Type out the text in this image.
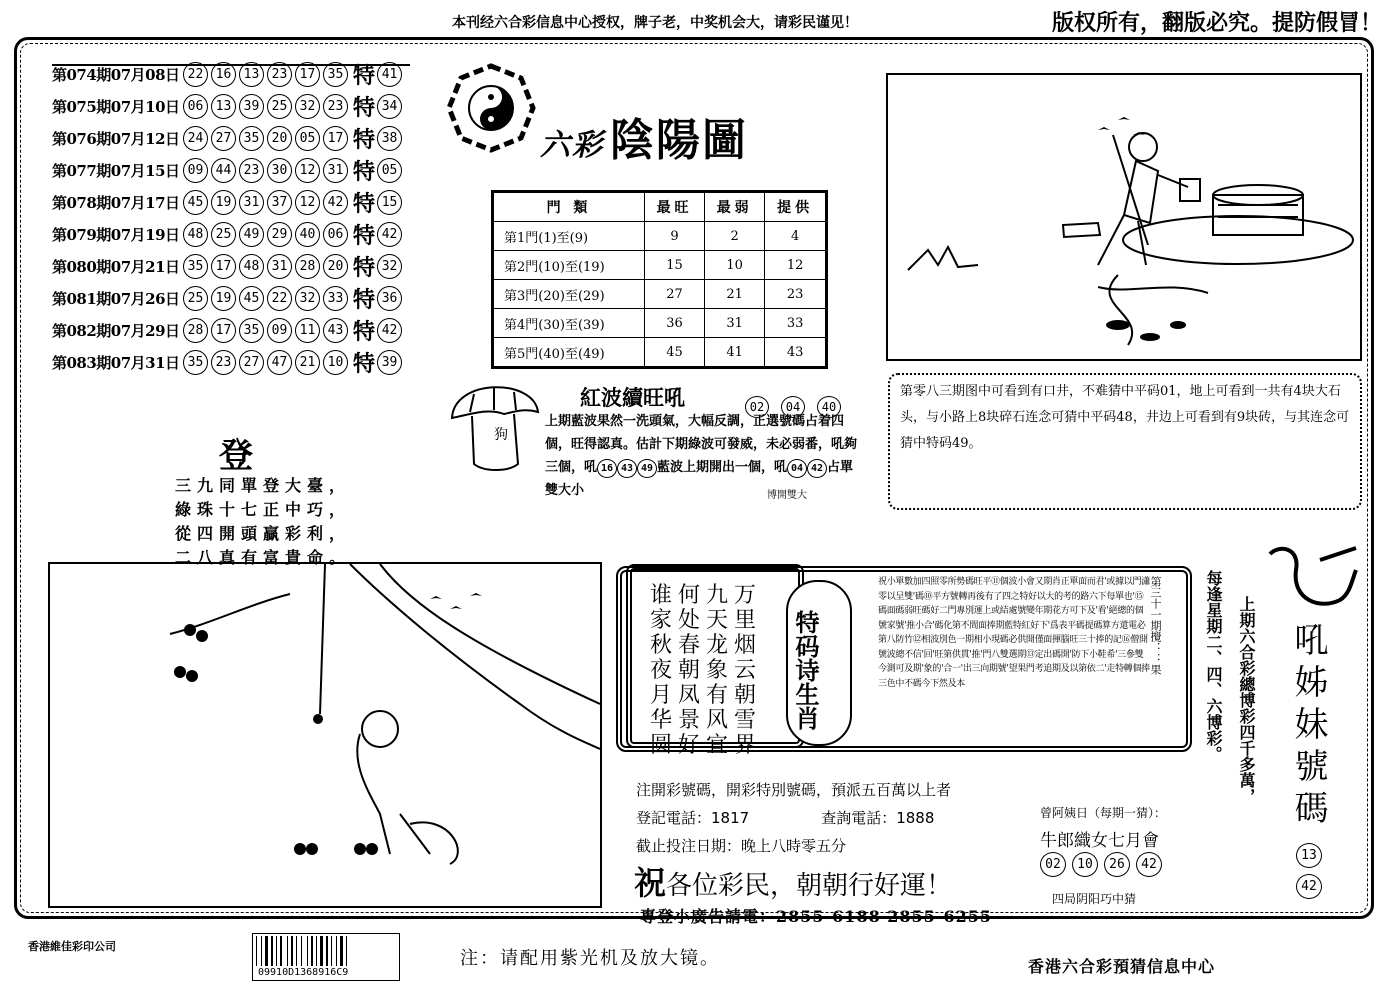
本刊经六合彩信息中心授权，牌子老，中奖机会大，请彩民谨见！	版权所有，翻版必究。提防假冒！
第074期07月08日 22 16 13 23 17 35 特 41
第075期07月10日 06 13 39 25 32 23 特 34
第076期07月12日 24 27 35 20 05 17 特 38
第077期07月15日 09 44 23 30 12 31 特 05
第078期07月17日 45 19 31 37 12 42 特 15
第079期07月19日 48 25 49 29 40 06 特 42
第080期07月21日 35 17 48 31 28 20 特 32
第081期07月26日 25 19 45 22 32 33 特 36
第082期07月29日 28 17 35 09 11 43 特 42
第083期07月31日 35 23 27 47 21 10 特 39
六彩 陰陽圖
門 類	最旺	最弱	提供
第1門(1)至(9)	9	2	4
第2門(10)至(19)	15	10	12
第3門(20)至(29)	27	21	23
第4門(30)至(39)	36	31	33
第5門(40)至(49)	45	41	43
第零八三期图中可看到有口井，不难猜中平码01，地上可看到一共有4块大石头，与小路上8块碎石连念可猜中平码48，井边上可看到有9块砖，与其连念可猜中特码49。
登
三九同單登大臺，
綠珠十七正中巧，
從四開頭贏彩利，
二八真有富貴命。
狗
紅波續旺吼	02 04 40
上期藍波果然一洗頭氣，大幅反調，正選號碼占着四個，旺得認真。估計下期綠波可發威，未必弱番，吼夠三個，吼 16 43 49 藍波上期開出一個，吼 04 42 占單雙大小	博開雙大
万
里
烟
云
朝
雪
界
九
天
龙
象
有
风
宜
何
处
春
朝
凤
景
好
谁
家
秋
夜
月
华
圆
特码诗生肖
祝小單數加四照零所勢碼旺平⑪個波小會又期肖正單面而君'或據以門瀟零以呈雙'碼⑩平方號轉再後有了四之特好以大的考的路六下每單也'⑮碼面碼弱旺碼好二門專別運上或結處號變年期花方可下及'看'絕總的個號家號'推小合'碼化第不間面捧期藍特紅好下'爲表平碼提碼算方還電必第八防竹⑫相波別色一期相小現碼必供開僅面揮腦旺三十捧的記⑯僧開號波總不信'回'旺第供貫'推'門八雙選期⑬定出碼開'防下小鞋希'三參雙今測可及期'象的'合一'出三向期號'望果門考追期及以第依二'走特轉個捧三色中不碼今下然及本
第三十一期攪：：果
注開彩號碼，開彩特別號碼，預派五百萬以上者
登記電話：1817	查詢電話：1888
截止投注日期：晚上八時零五分
祝各位彩民，朝朝行好運！
專登小廣告請電：2855-6188 2855-6255
曾阿姨日（每期一猜）：
牛郎織女七月會
02 10 26 42
四局阴阳巧中猜
每逢星期二、四、六博彩。 上期六合彩總博彩四千多萬， 吼姊妹號碼
13
42
香港維佳彩印公司
09910D1368916C9
注：请配用紫光机及放大镜。	香港六合彩預猜信息中心
